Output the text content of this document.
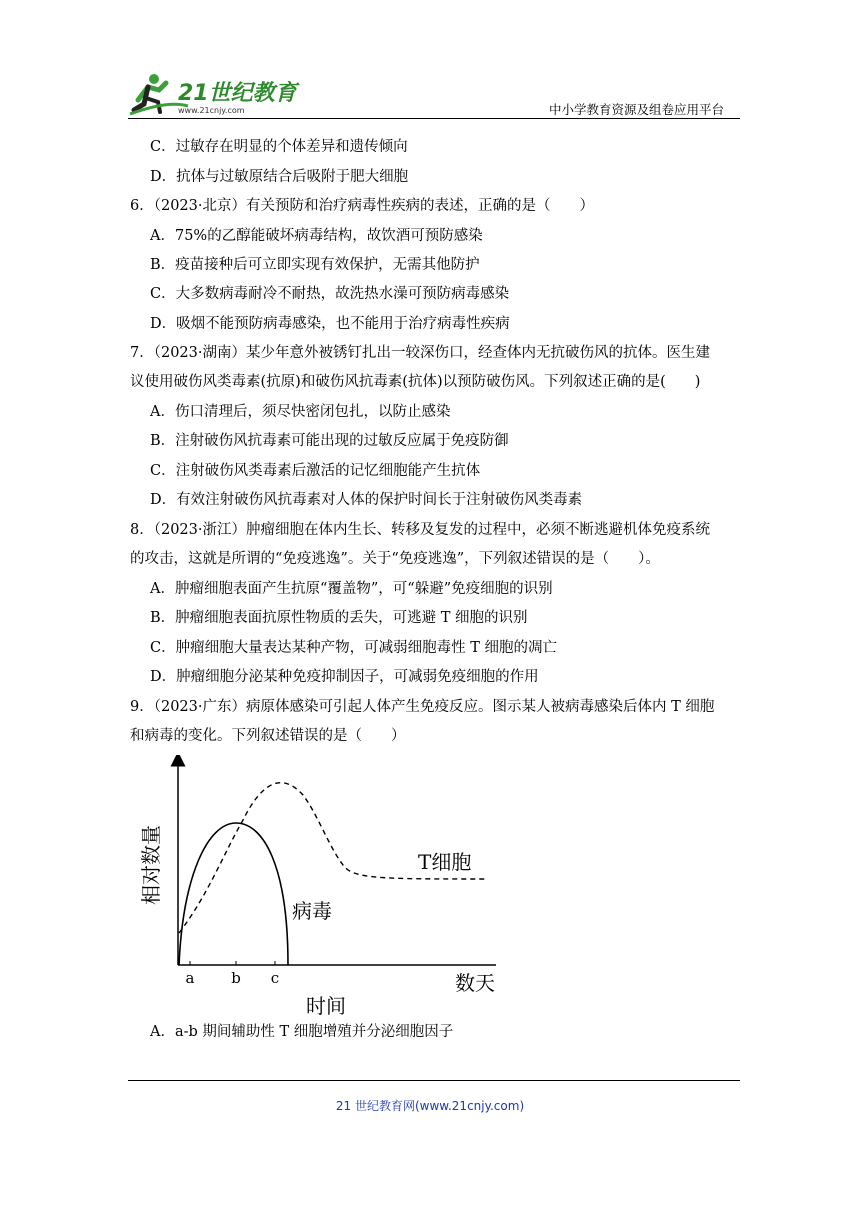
21世纪教育
www.21cnjy.com	中小学教育资源及组卷应用平台
C．过敏存在明显的个体差异和遗传倾向
D．抗体与过敏原结合后吸附于肥大细胞
6．（2023·北京）有关预防和治疗病毒性疾病的表述，正确的是（　　）
A．75%的乙醇能破坏病毒结构，故饮酒可预防感染
B．疫苗接种后可立即实现有效保护，无需其他防护
C．大多数病毒耐冷不耐热，故洗热水澡可预防病毒感染
D．吸烟不能预防病毒感染，也不能用于治疗病毒性疾病
7．（2023·湖南）某少年意外被锈钉扎出一较深伤口，经查体内无抗破伤风的抗体。医生建
议使用破伤风类毒素(抗原)和破伤风抗毒素(抗体)以预防破伤风。下列叙述正确的是(　　)
A．伤口清理后，须尽快密闭包扎，以防止感染
B．注射破伤风抗毒素可能出现的过敏反应属于免疫防御
C．注射破伤风类毒素后激活的记忆细胞能产生抗体
D．有效注射破伤风抗毒素对人体的保护时间长于注射破伤风类毒素
8．（2023·浙江）肿瘤细胞在体内生长、转移及复发的过程中，必须不断逃避机体免疫系统
的攻击，这就是所谓的“免疫逃逸”。关于“免疫逃逸”，下列叙述错误的是（　　）。
A．肿瘤细胞表面产生抗原“覆盖物”，可“躲避”免疫细胞的识别
B．肿瘤细胞表面抗原性物质的丢失，可逃避 T 细胞的识别
C．肿瘤细胞大量表达某种产物，可减弱细胞毒性 T 细胞的凋亡
D．肿瘤细胞分泌某种免疫抑制因子，可减弱免疫细胞的作用
9．（2023·广东）病原体感染可引起人体产生免疫反应。图示某人被病毒感染后体内 T 细胞
和病毒的变化。下列叙述错误的是（　　）
a b c
相对数量
时间
数天
病毒
T细胞
A．a-b 期间辅助性 T 细胞增殖并分泌细胞因子
21 世纪教育网(www.21cnjy.com)
